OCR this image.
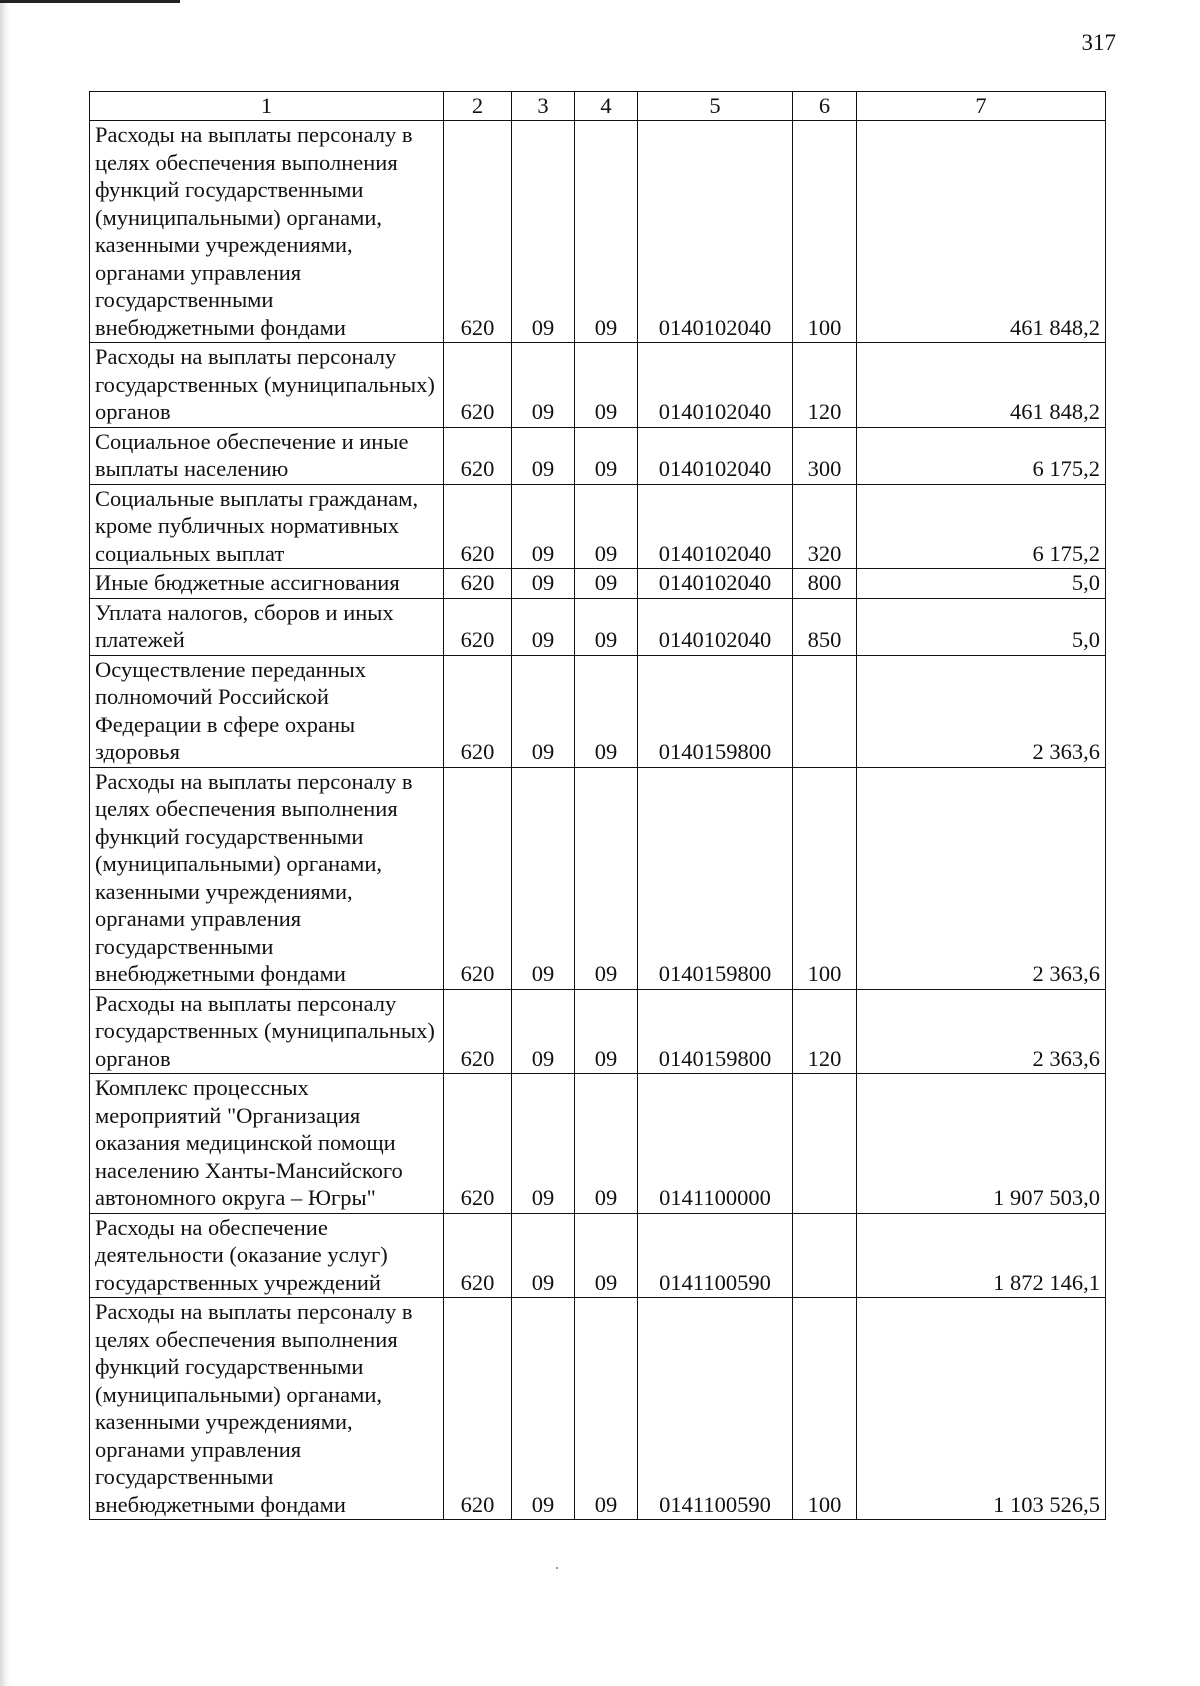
317
1	2	3	4	5	6	7

Расходы на выплаты персоналу в целях обеспечения выполнения функций государственными (муниципальными) органами, казенными учреждениями, органами управления государственными внебюджетными фондами	620	09	09	0140102040	100	461 848,2

Расходы на выплаты персоналу государственных (муниципальных) органов	620	09	09	0140102040	120	461 848,2

Социальное обеспечение и иные выплаты населению	620	09	09	0140102040	300	6 175,2

Социальные выплаты гражданам, кроме публичных нормативных социальных выплат	620	09	09	0140102040	320	6 175,2

Иные бюджетные ассигнования	620	09	09	0140102040	800	5,0

Уплата налогов, сборов и иных платежей	620	09	09	0140102040	850	5,0

Осуществление переданных полномочий Российской Федерации в сфере охраны здоровья	620	09	09	0140159800		2 363,6

Расходы на выплаты персоналу в целях обеспечения выполнения функций государственными (муниципальными) органами, казенными учреждениями, органами управления государственными внебюджетными фондами	620	09	09	0140159800	100	2 363,6

Расходы на выплаты персоналу государственных (муниципальных) органов	620	09	09	0140159800	120	2 363,6

Комплекс процессных мероприятий "Организация оказания медицинской помощи населению Ханты-Мансийского автономного округа – Югры"	620	09	09	0141100000		1 907 503,0

Расходы на обеспечение деятельности (оказание услуг) государственных учреждений	620	09	09	0141100590		1 872 146,1

Расходы на выплаты персоналу в целях обеспечения выполнения функций государственными (муниципальными) органами, казенными учреждениями, органами управления государственными внебюджетными фондами	620	09	09	0141100590	100	1 103 526,5
